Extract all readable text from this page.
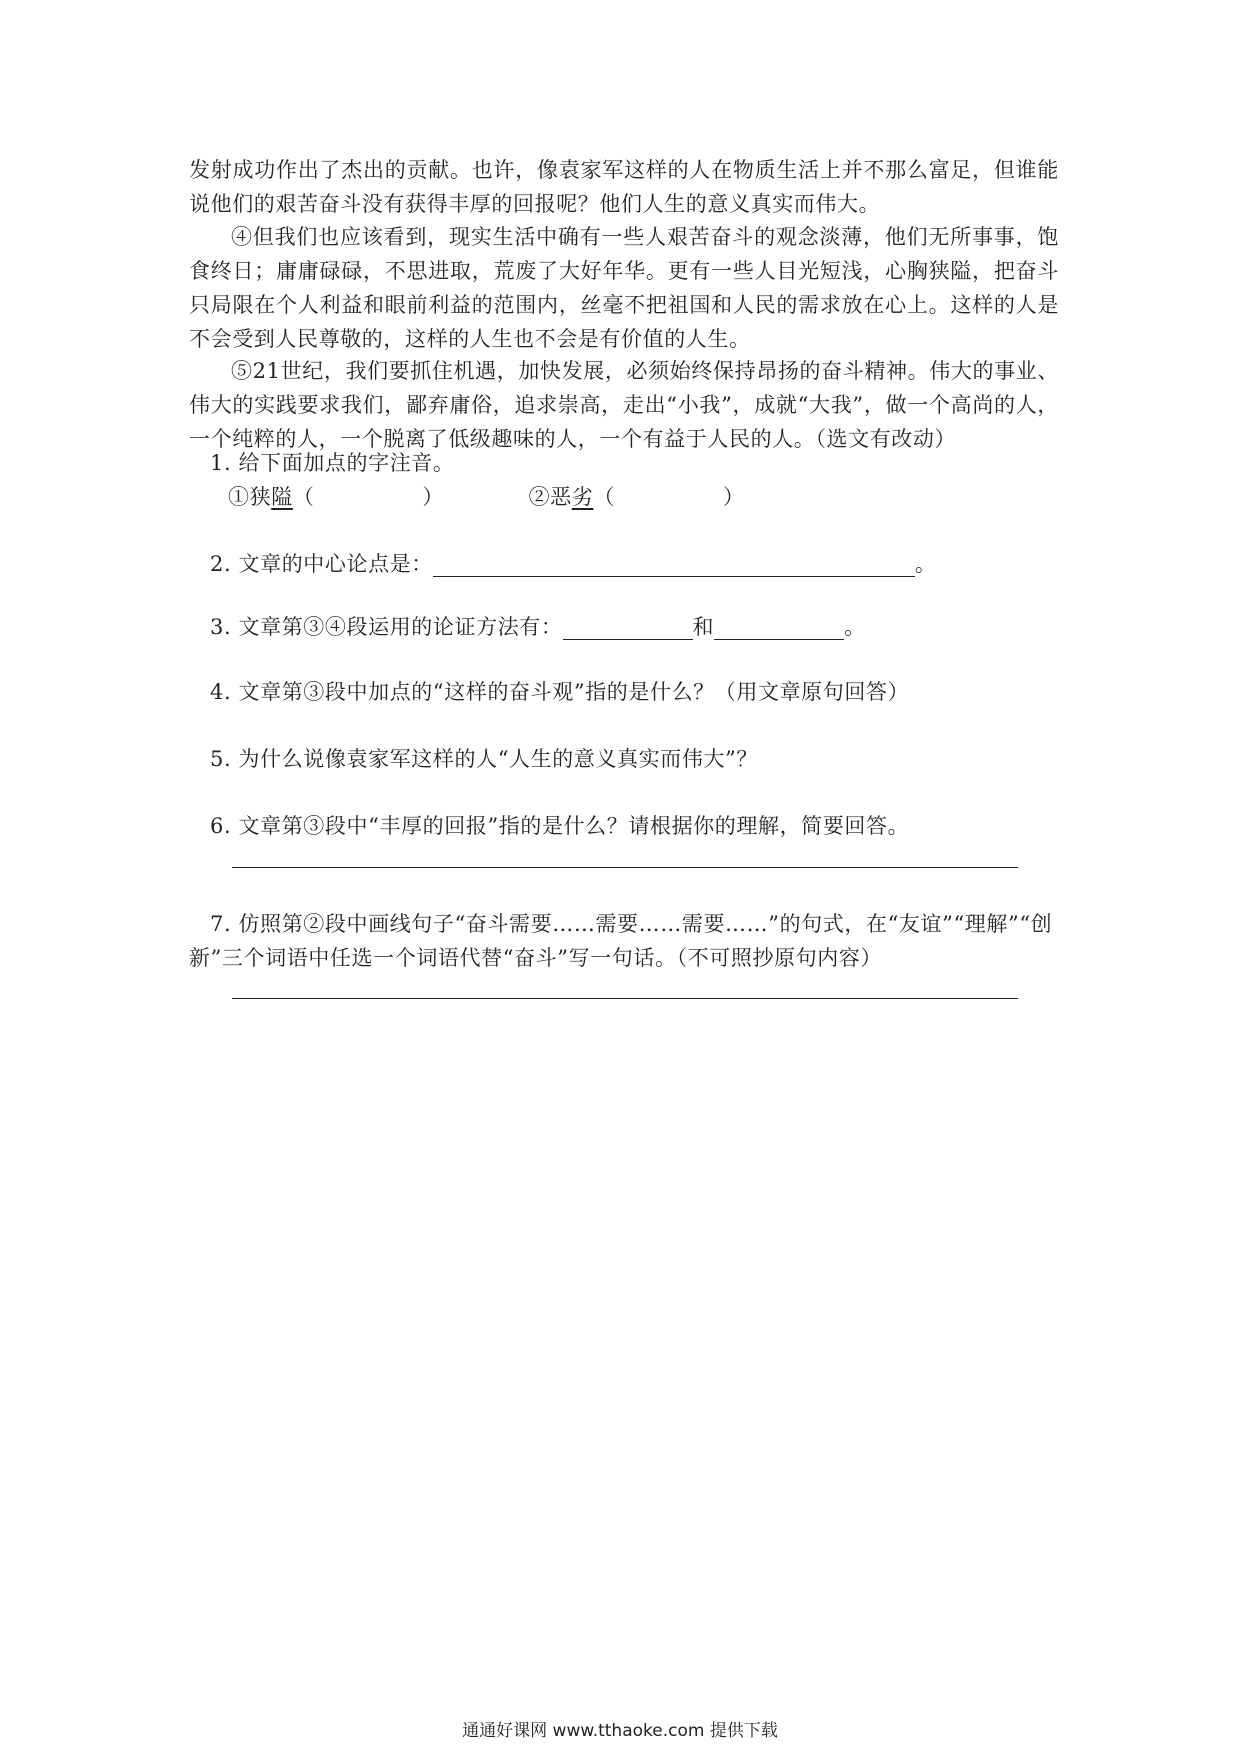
发射成功作出了杰出的贡献。也许，像袁家军这样的人在物质生活上并不那么富足，但谁能说他们的艰苦奋斗没有获得丰厚的回报呢？他们人生的意义真实而伟大。

④但我们也应该看到，现实生活中确有一些人艰苦奋斗的观念淡薄，他们无所事事，饱食终日；庸庸碌碌，不思进取，荒废了大好年华。更有一些人目光短浅，心胸狭隘，把奋斗只局限在个人利益和眼前利益的范围内，丝毫不把祖国和人民的需求放在心上。这样的人是不会受到人民尊敬的，这样的人生也不会是有价值的人生。

⑤21世纪，我们要抓住机遇，加快发展，必须始终保持昂扬的奋斗精神。伟大的事业、伟大的实践要求我们，鄙弃庸俗，追求崇高，走出“小我”，成就“大我”，做一个高尚的人，一个纯粹的人，一个脱离了低级趣味的人，一个有益于人民的人。（选文有改动）

1. 给下面加点的字注音。
①狭隘（　　　　　）	②恶劣（　　　　　）
2. 文章的中心论点是：	。
3. 文章第③④段运用的论证方法有：	和	。
4. 文章第③段中加点的“这样的奋斗观”指的是什么？（用文章原句回答）
5. 为什么说像袁家军这样的人“人生的意义真实而伟大”？
6. 文章第③段中“丰厚的回报”指的是什么？请根据你的理解，简要回答。

7. 仿照第②段中画线句子“奋斗需要……需要……需要……”的句式，在“友谊”“理解”“创新”三个词语中任选一个词语代替“奋斗”写一句话。（不可照抄原句内容）

通通好课网 www.tthaoke.com 提供下载
